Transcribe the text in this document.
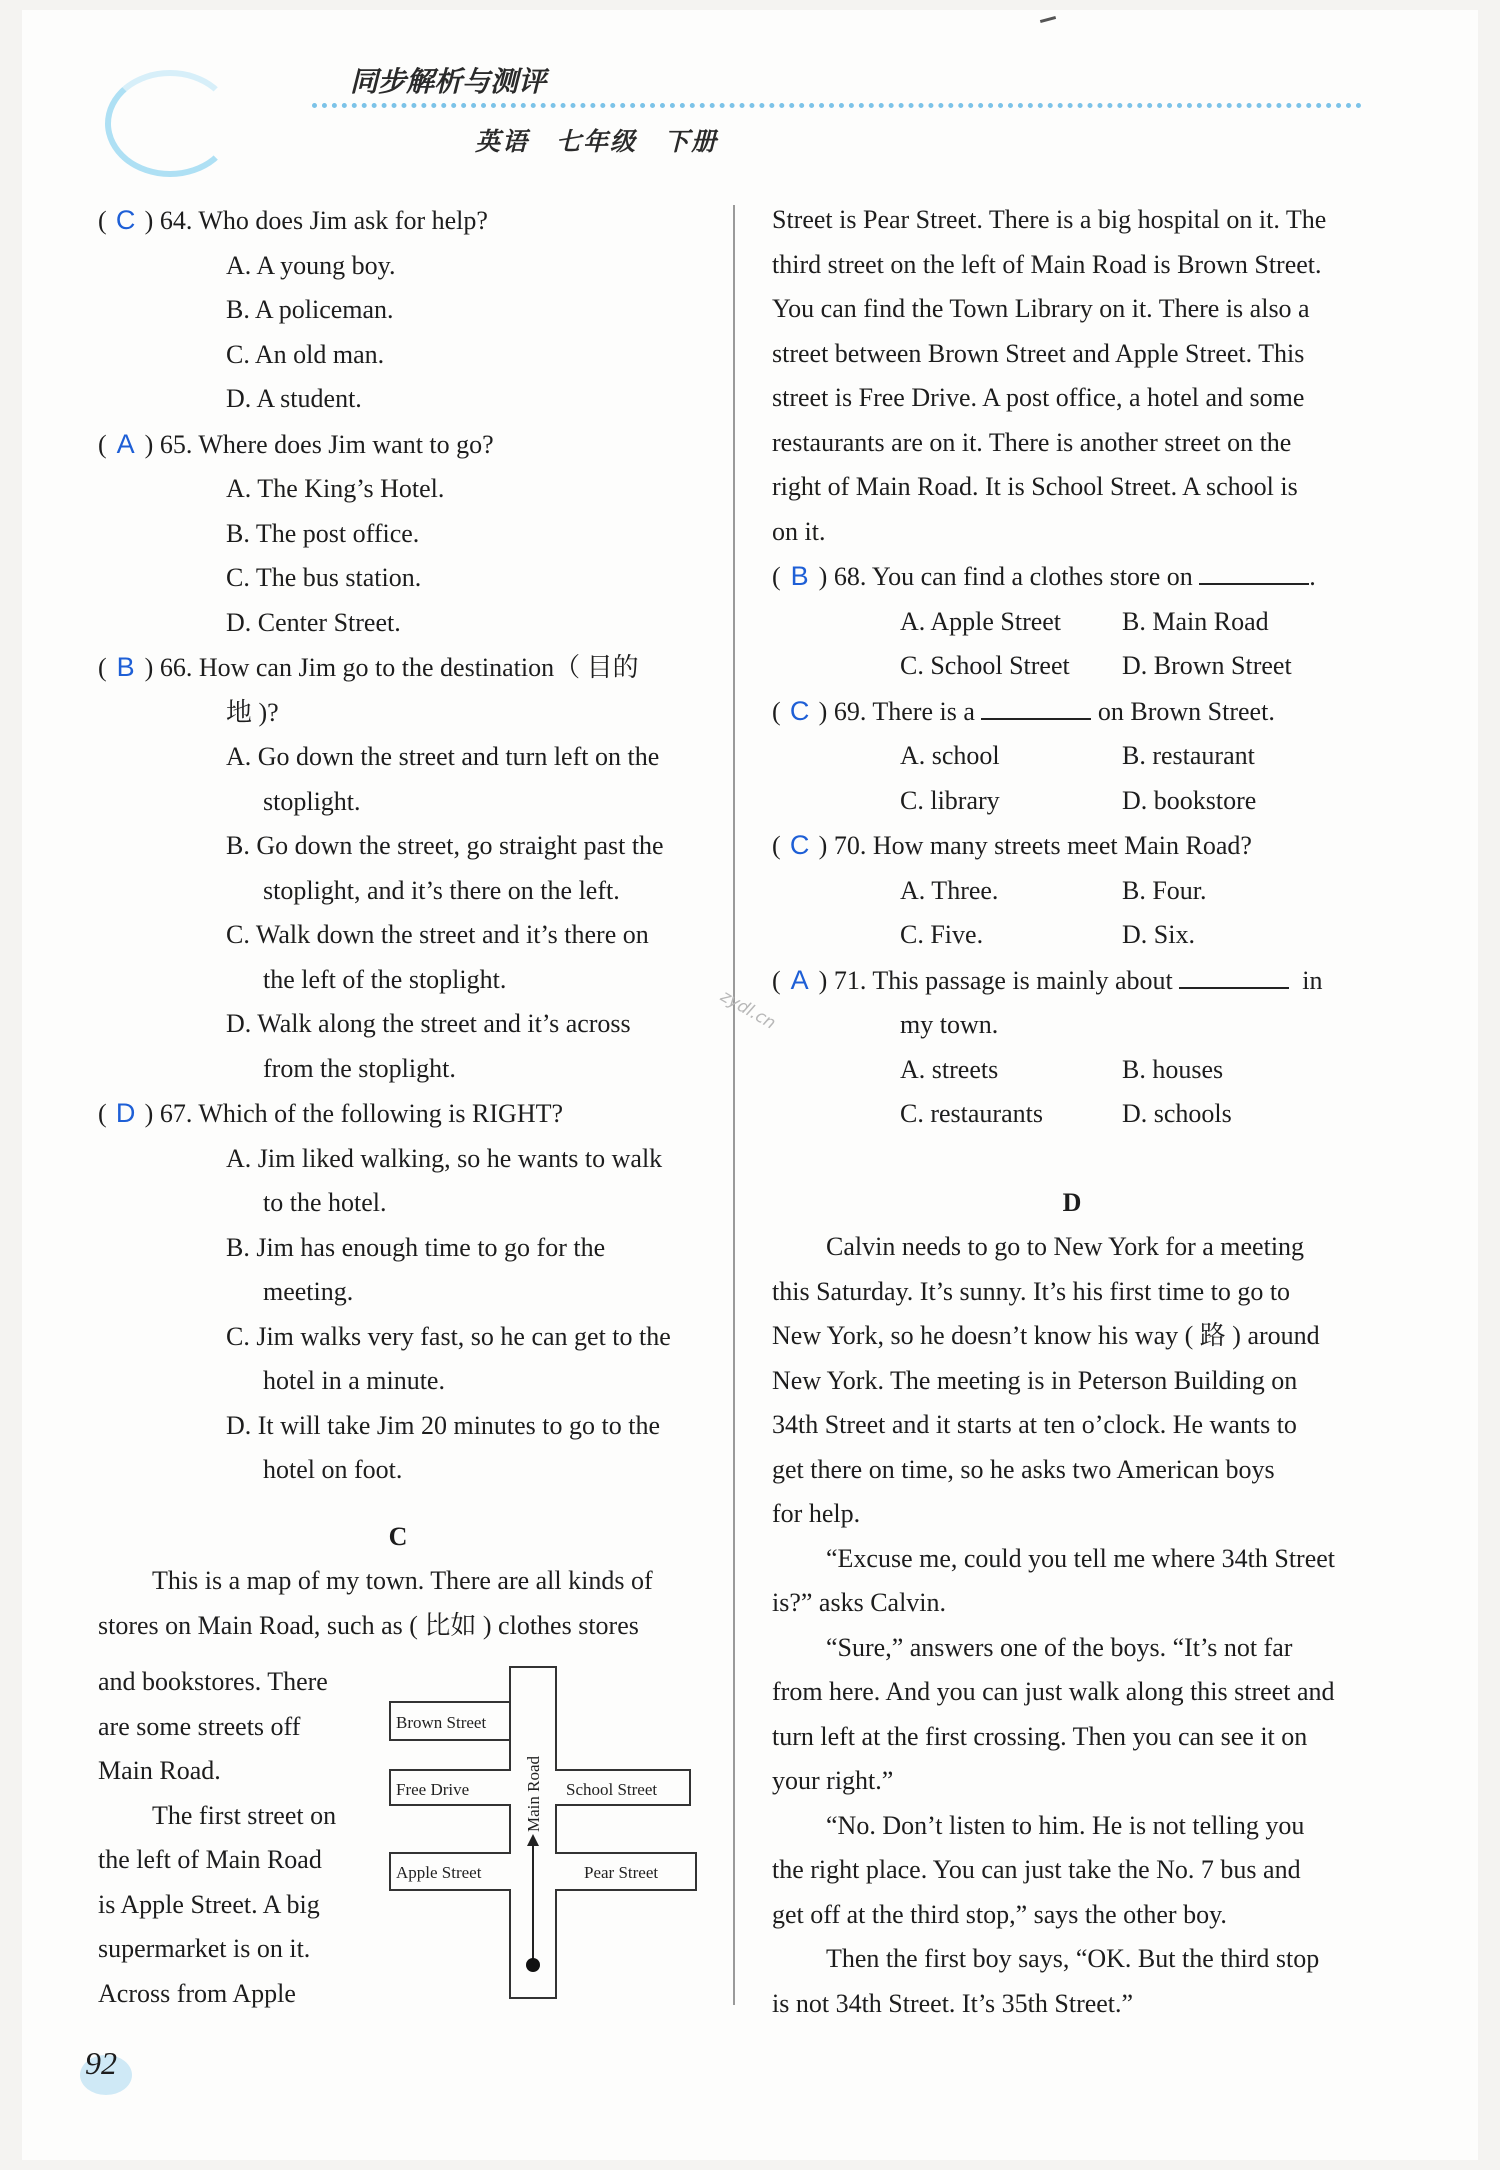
同步解析与测评
英语　七年级　下册
zydl.cn
( C ) 64. Who does Jim ask for help?
A. A young boy.
B. A policeman.
C. An old man.
D. A student.
( A ) 65. Where does Jim want to go?
A. The King’s Hotel.
B. The post office.
C. The bus station.
D. Center Street.
( B ) 66. How can Jim go to the destination（ 目的
地 )?
A. Go down the street and turn left on the
stoplight.
B. Go down the street, go straight past the
stoplight, and it’s there on the left.
C. Walk down the street and it’s there on
the left of the stoplight.
D. Walk along the street and it’s across
from the stoplight.
( D ) 67. Which of the following is RIGHT?
A. Jim liked walking, so he wants to walk
to the hotel.
B. Jim has enough time to go for the
meeting.
C. Jim walks very fast, so he can get to the
hotel in a minute.
D. It will take Jim 20 minutes to go to the
hotel on foot.
C
This is a map of my town. There are all kinds of
stores on Main Road, such as ( 比如 ) clothes stores
and bookstores. There
are some streets off
Main Road.
The first street on
the left of Main Road
is Apple Street. A big
supermarket is on it.
Across from Apple
Brown Street
Free Drive	School Street
Apple Street	Pear Street
Main Road
Street is Pear Street. There is a big hospital on it. The
third street on the left of Main Road is Brown Street.
You can find the Town Library on it. There is also a
street between Brown Street and Apple Street. This
street is Free Drive. A post office, a hotel and some
restaurants are on it. There is another street on the
right of Main Road. It is School Street. A school is
on it.
( B ) 68. You can find a clothes store on	.
A. Apple Street B. Main Road
C. School Street D. Brown Street
( C ) 69. There is a	on Brown Street.
A. school	B. restaurant
C. library	D. bookstore
( C ) 70. How many streets meet Main Road?
A. Three.	B. Four.
C. Five.	D. Six.
( A ) 71. This passage is mainly about	in
my town.
A. streets	B. houses
C. restaurants	D. schools
D
Calvin needs to go to New York for a meeting
this Saturday. It’s sunny. It’s his first time to go to
New York, so he doesn’t know his way ( 路 ) around
New York. The meeting is in Peterson Building on
34th Street and it starts at ten o’clock. He wants to
get there on time, so he asks two American boys
for help.
“Excuse me, could you tell me where 34th Street
is?” asks Calvin.
“Sure,” answers one of the boys. “It’s not far
from here. And you can just walk along this street and
turn left at the first crossing. Then you can see it on
your right.”
“No. Don’t listen to him. He is not telling you
the right place. You can just take the No. 7 bus and
get off at the third stop,” says the other boy.
Then the first boy says, “OK. But the third stop
is not 34th Street. It’s 35th Street.”
92
